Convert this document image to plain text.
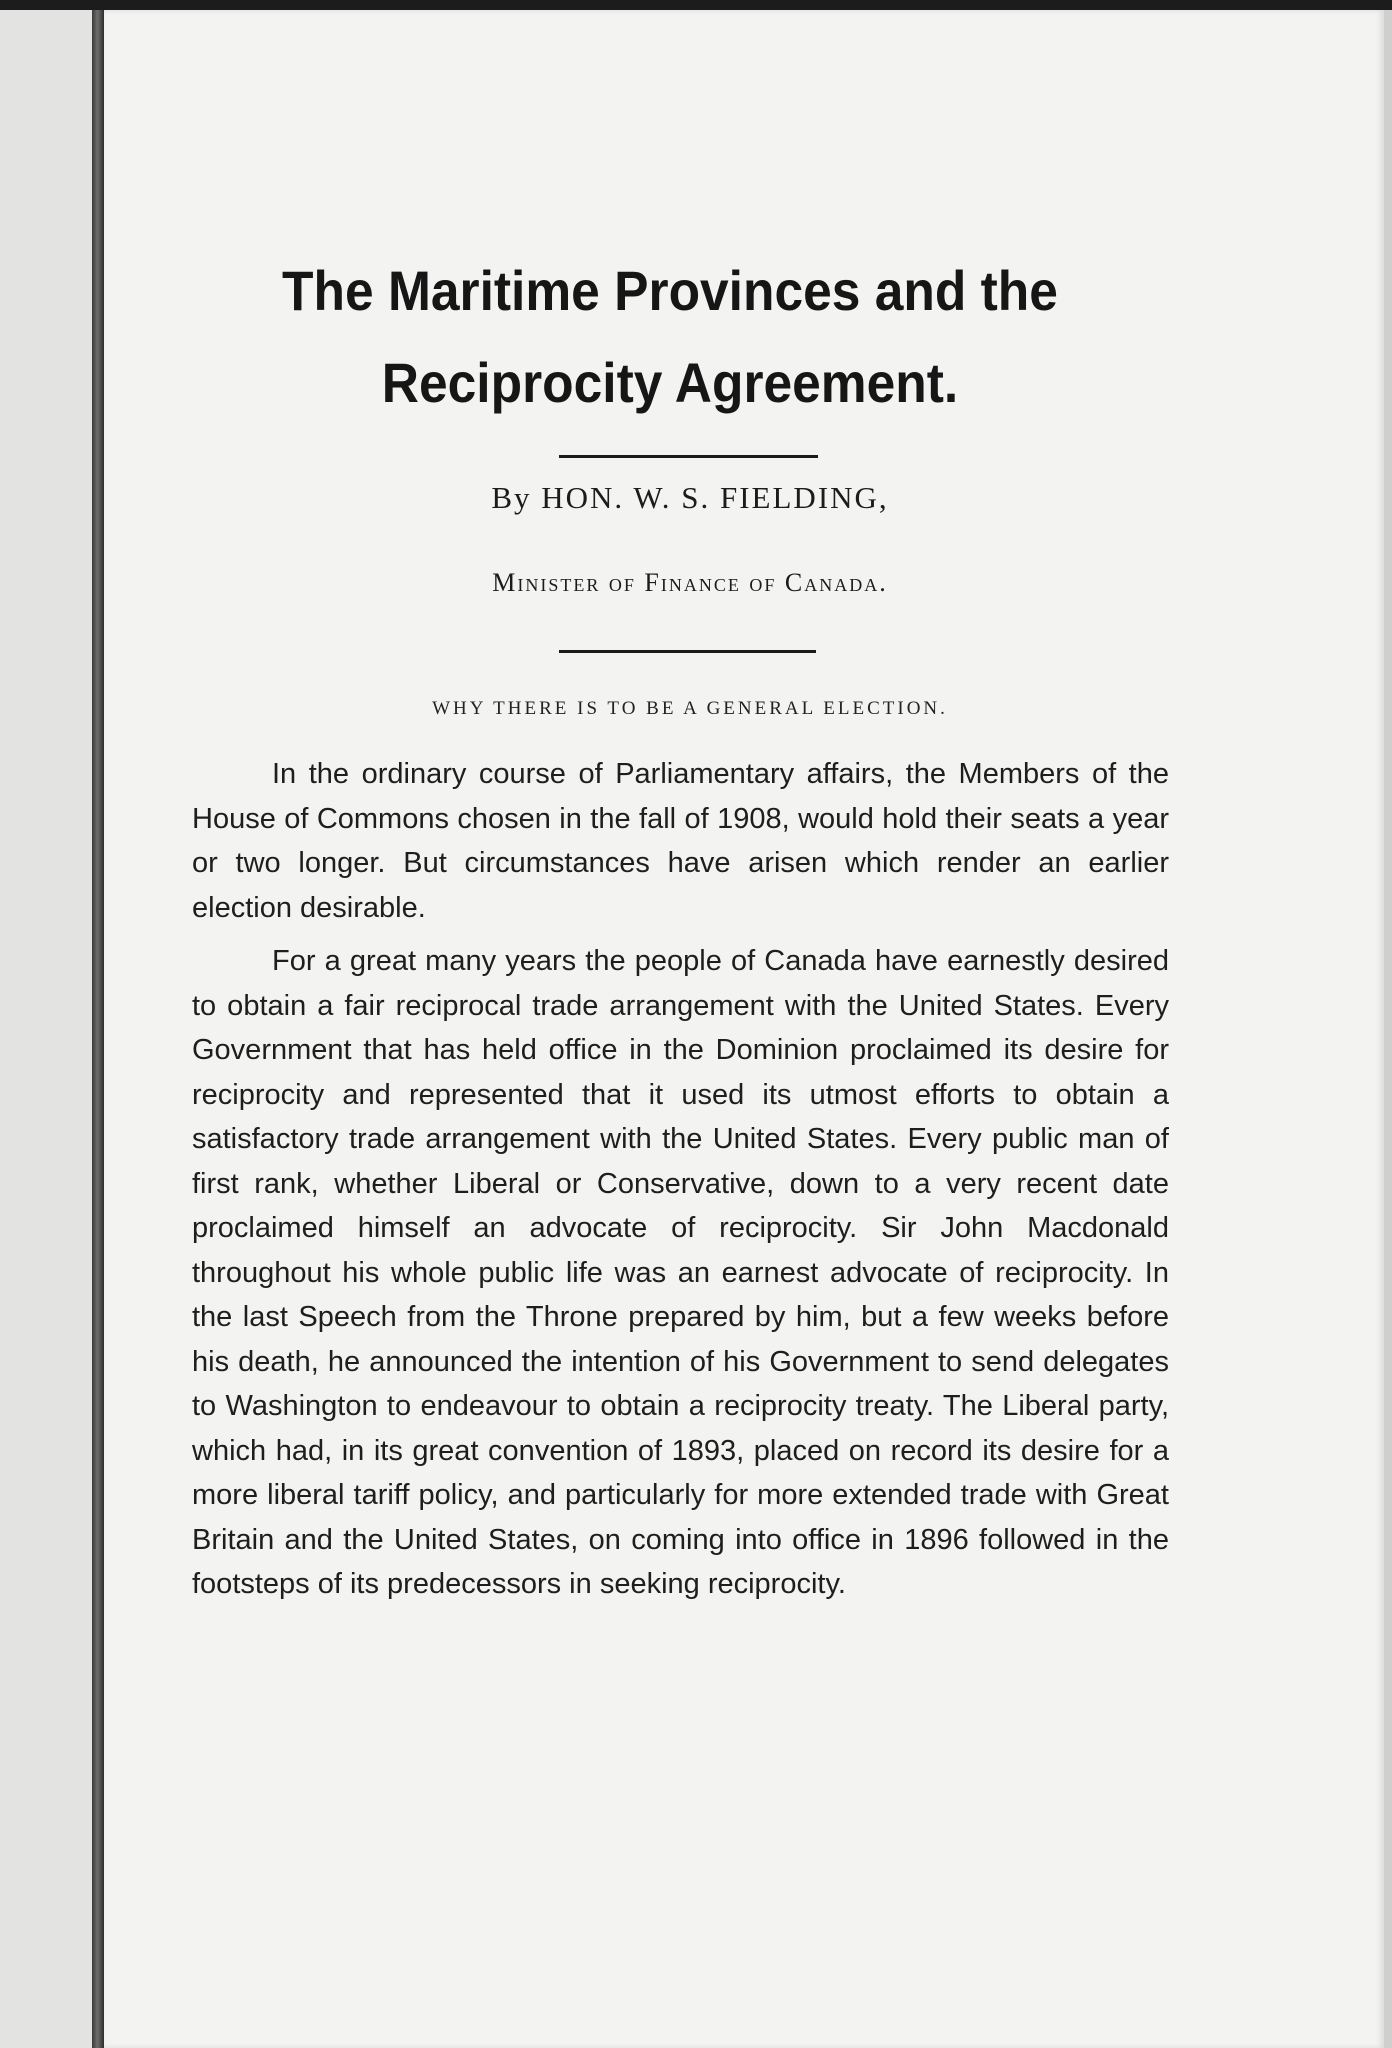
The Maritime Provinces and the Reciprocity Agreement.
By HON. W. S. FIELDING,
Minister of Finance of Canada.
WHY THERE IS TO BE A GENERAL ELECTION.

In the ordinary course of Parliamentary affairs, the Members of the House of Commons chosen in the fall of 1908, would hold their seats a year or two longer. But circumstances have arisen which render an earlier election desirable.

For a great many years the people of Canada have earnestly desired to obtain a fair reciprocal trade arrangement with the United States. Every Government that has held office in the Dominion proclaimed its desire for reciprocity and represented that it used its utmost efforts to obtain a satisfactory trade arrangement with the United States. Every public man of first rank, whether Liberal or Conservative, down to a very recent date proclaimed himself an advocate of reciprocity. Sir John Macdonald throughout his whole public life was an earnest advocate of reciprocity. In the last Speech from the Throne prepared by him, but a few weeks before his death, he announced the intention of his Government to send delegates to Washington to endeavour to obtain a reciprocity treaty. The Liberal party, which had, in its great convention of 1893, placed on record its desire for a more liberal tariff policy, and particularly for more extended trade with Great Britain and the United States, on coming into office in 1896 followed in the footsteps of its predecessors in seeking reciprocity.
